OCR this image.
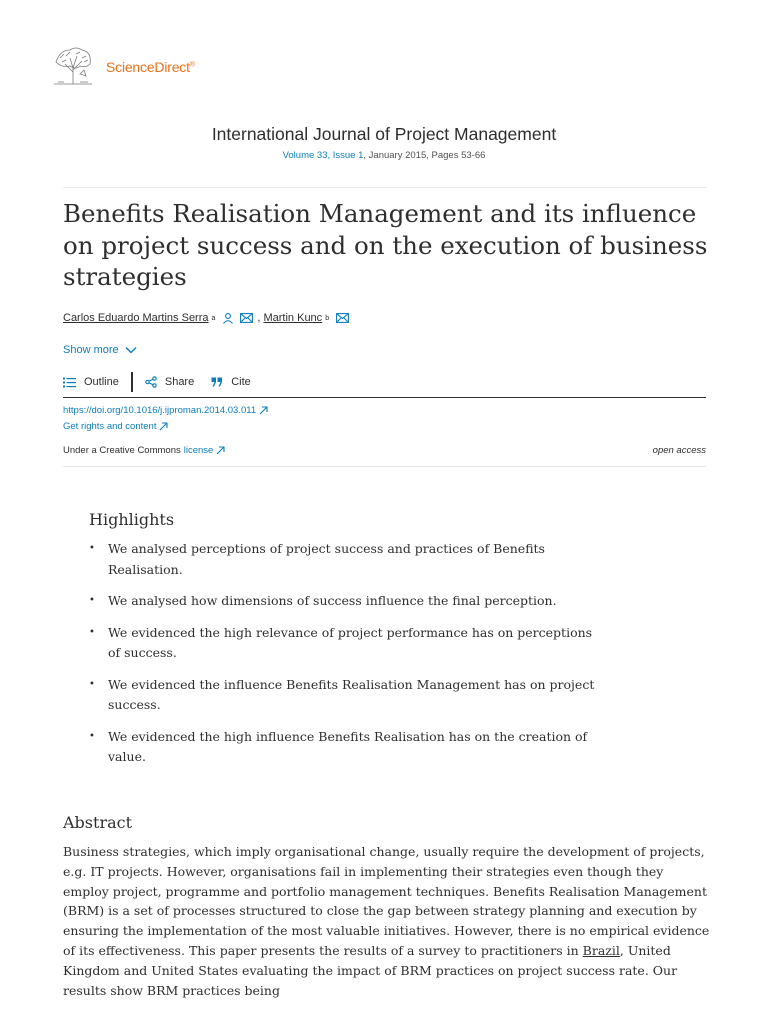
ScienceDirect®
International Journal of Project Management
Volume 33, Issue 1, January 2015, Pages 53-66
Benefits Realisation Management and its influence on project success and on the execution of business strategies
Carlos Eduardo Martins Serra a	, Martin Kunc b
Show more
Outline	Share	Cite
https://doi.org/10.1016/j.ijproman.2014.03.011
Get rights and content
Under a Creative Commons license	open access
Highlights
• We analysed perceptions of project success and practices of Benefits Realisation.
• We analysed how dimensions of success influence the final perception.
• We evidenced the high relevance of project performance has on perceptions of success.
• We evidenced the influence Benefits Realisation Management has on project success.
• We evidenced the high influence Benefits Realisation has on the creation of value.
Abstract

Business strategies, which imply organisational change, usually require the development of projects, e.g. IT projects. However, organisations fail in implementing their strategies even though they employ project, programme and portfolio management techniques. Benefits Realisation Management (BRM) is a set of processes structured to close the gap between strategy planning and execution by ensuring the implementation of the most valuable initiatives. However, there is no empirical evidence of its effectiveness. This paper presents the results of a survey to practitioners in Brazil, United Kingdom and United States evaluating the impact of BRM practices on project success rate. Our results show BRM practices being
